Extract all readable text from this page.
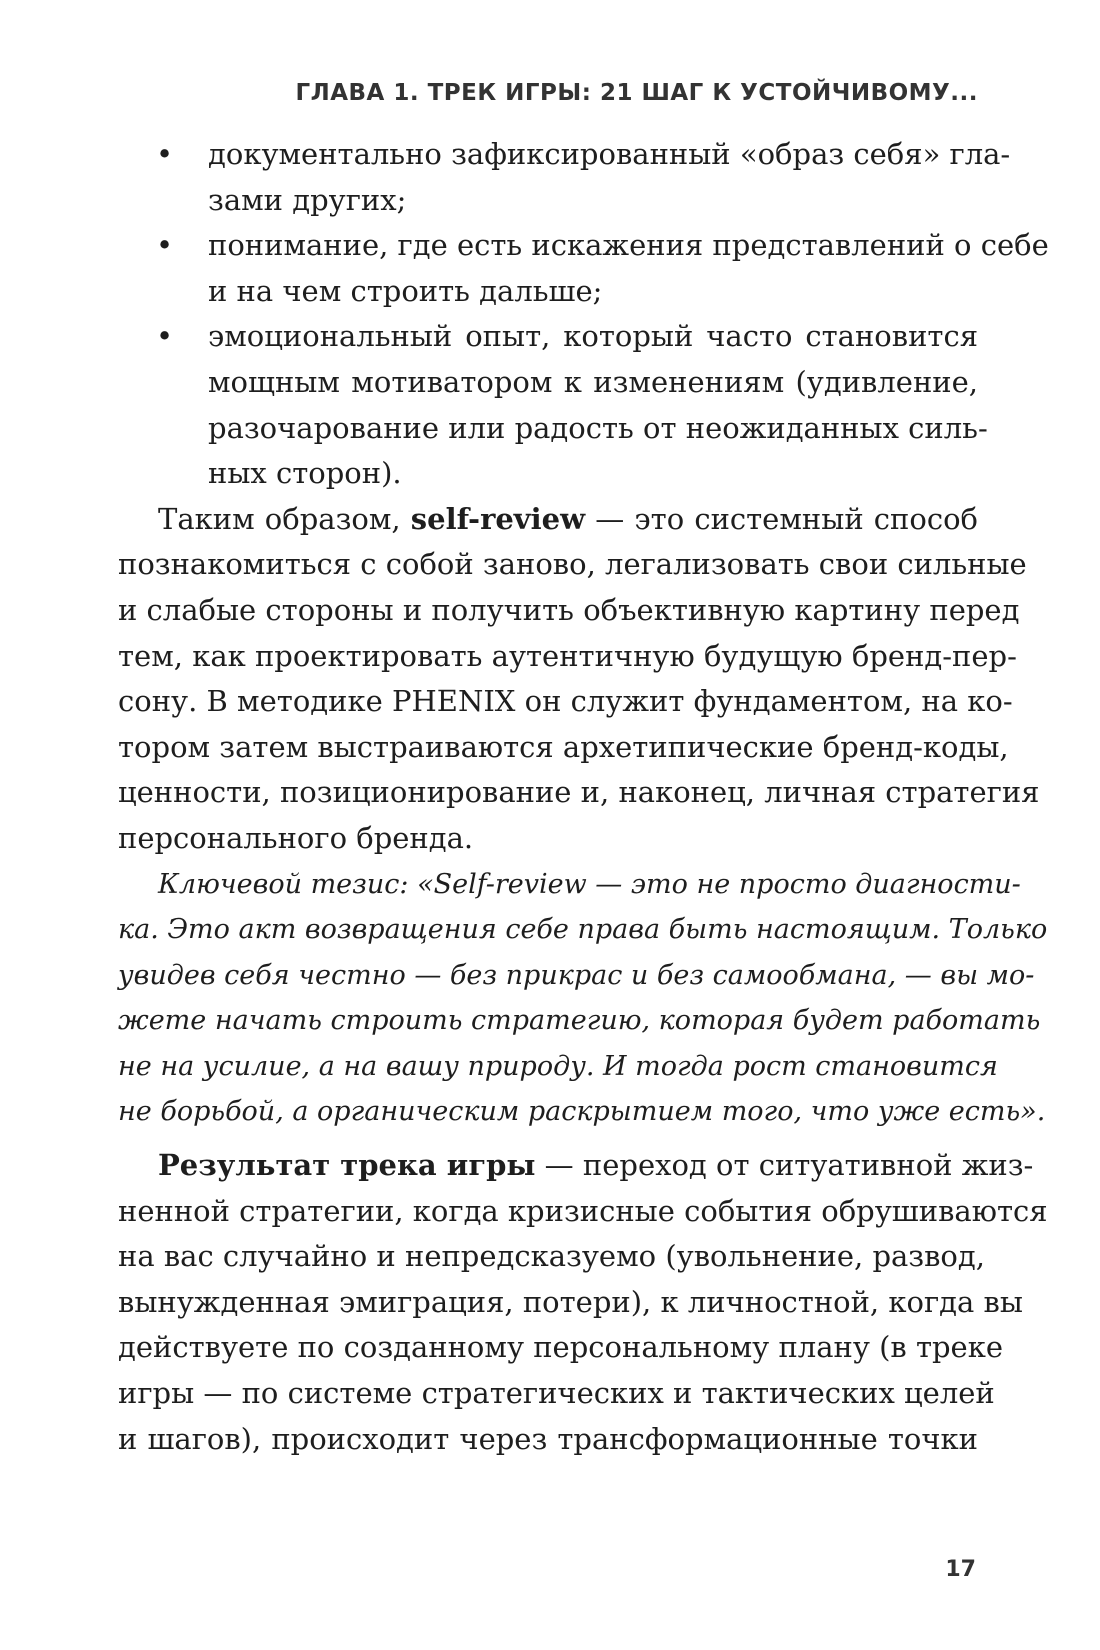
ГЛАВА 1. ТРЕК ИГРЫ: 21 ШАГ К УСТОЙЧИВОМУ...
• документально зафиксированный «образ себя» гла-
зами других;
• понимание, где есть искажения представлений о себе
и на чем строить дальше;
• эмоциональный опыт, который часто становится
мощным мотиватором к изменениям (удивление,
разочарование или радость от неожиданных силь-
ных сторон).
Таким образом, self-review — это системный способ
познакомиться с собой заново, легализовать свои сильные
и слабые стороны и получить объективную картину перед
тем, как проектировать аутентичную будущую бренд-пер-
сону. В методике PHENIX он служит фундаментом, на ко-
тором затем выстраиваются архетипические бренд-коды,
ценности, позиционирование и, наконец, личная стратегия
персонального бренда.
Ключевой тезис: «Self-review — это не просто диагности-
ка. Это акт возвращения себе права быть настоящим. Только
увидев себя честно — без прикрас и без самообмана, — вы мо-
жете начать строить стратегию, которая будет работать
не на усилие, а на вашу природу. И тогда рост становится
не борьбой, а органическим раскрытием того, что уже есть».
Результат трека игры — переход от ситуативной жиз-
ненной стратегии, когда кризисные события обрушиваются
на вас случайно и непредсказуемо (увольнение, развод,
вынужденная эмиграция, потери), к личностной, когда вы
действуете по созданному персональному плану (в треке
игры — по системе стратегических и тактических целей
и шагов), происходит через трансформационные точки
17
